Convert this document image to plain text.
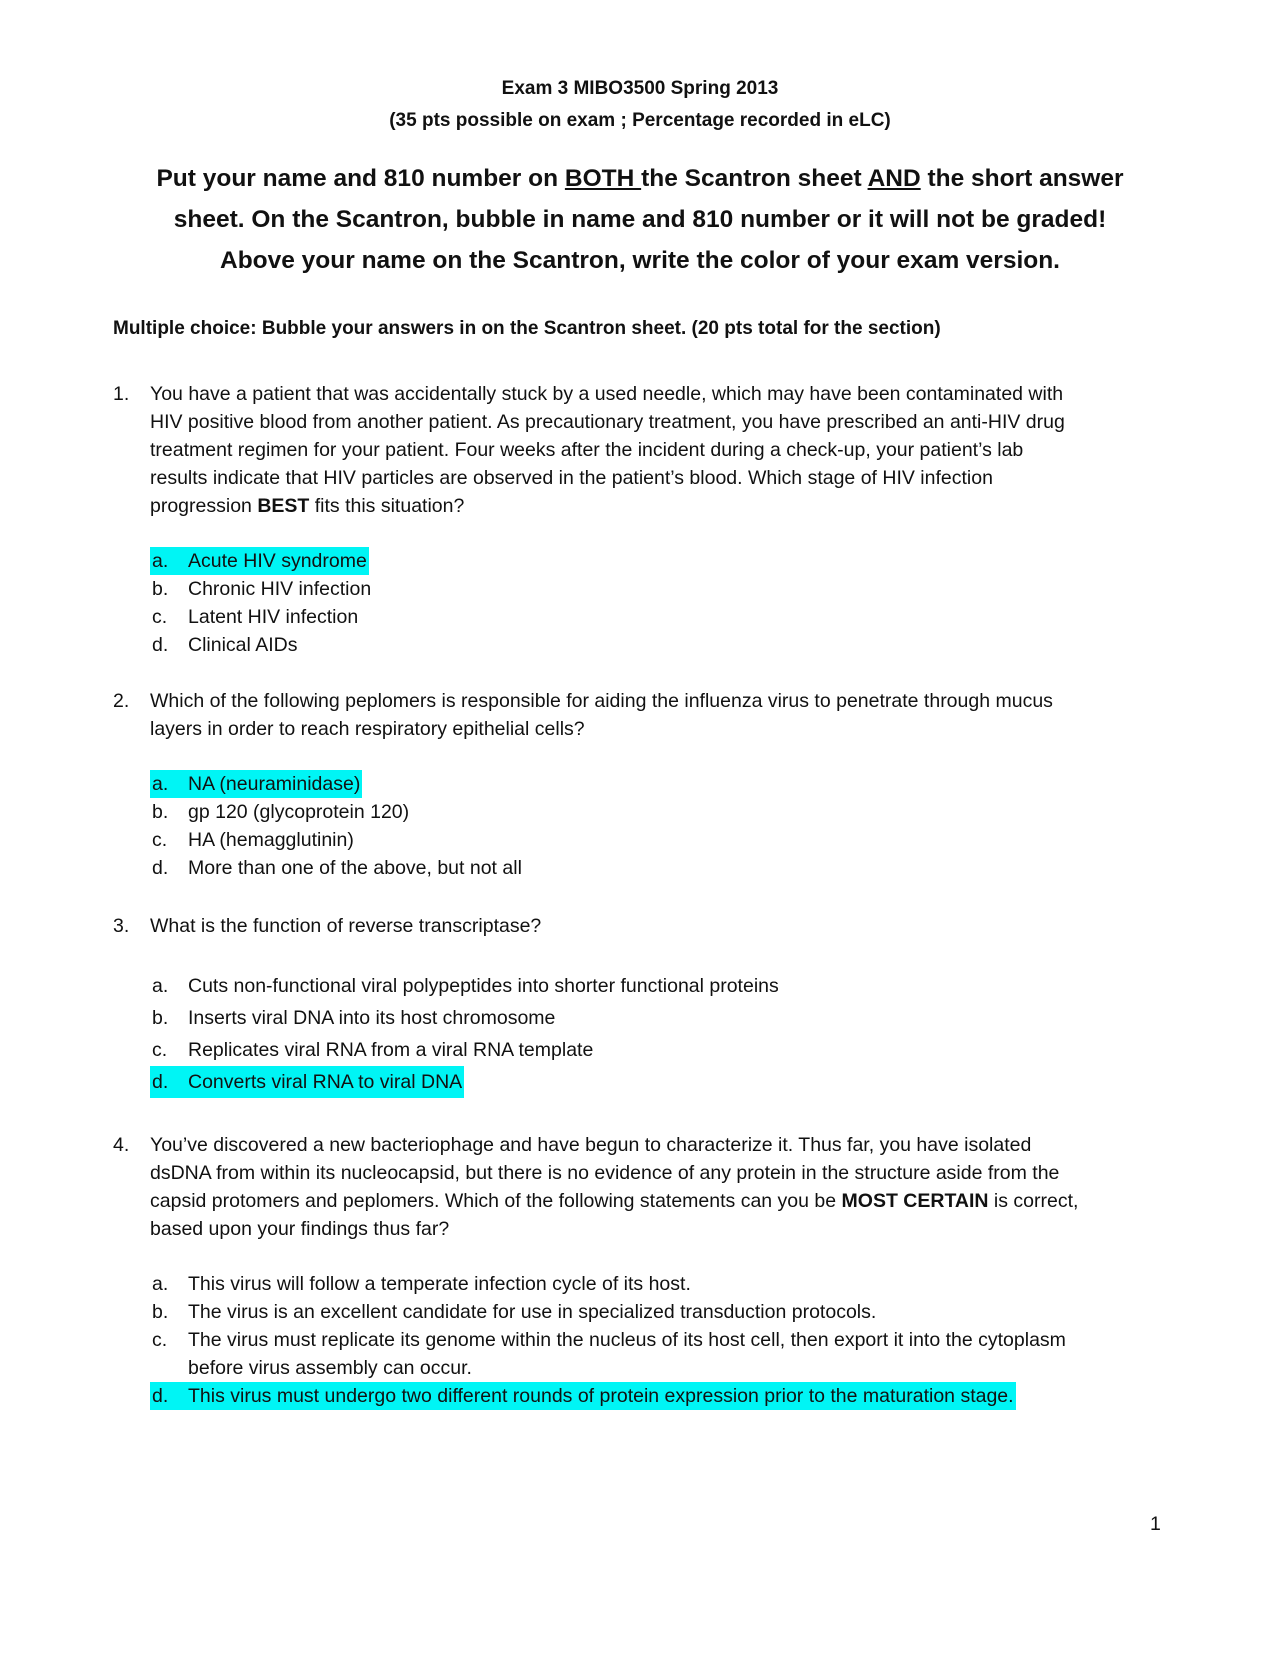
Exam 3 MIBO3500 Spring 2013
(35 pts possible on exam ; Percentage recorded in eLC)
Put your name and 810 number on BOTH the Scantron sheet AND the short answer
sheet. On the Scantron, bubble in name and 810 number or it will not be graded!
Above your name on the Scantron, write the color of your exam version.
Multiple choice: Bubble your answers in on the Scantron sheet. (20 pts total for the section)
1.	You have a patient that was accidentally stuck by a used needle, which may have been contaminated with
HIV positive blood from another patient. As precautionary treatment, you have prescribed an anti-HIV drug
treatment regimen for your patient. Four weeks after the incident during a check-up, your patient’s lab
results indicate that HIV particles are observed in the patient’s blood. Which stage of HIV infection
progression BEST fits this situation?
a. Acute HIV syndrome
b. Chronic HIV infection
c. Latent HIV infection
d. Clinical AIDs
2.	Which of the following peplomers is responsible for aiding the influenza virus to penetrate through mucus
layers in order to reach respiratory epithelial cells?
a. NA (neuraminidase)
b. gp 120 (glycoprotein 120)
c. HA (hemagglutinin)
d. More than one of the above, but not all
3.	What is the function of reverse transcriptase?
a. Cuts non-functional viral polypeptides into shorter functional proteins
b. Inserts viral DNA into its host chromosome
c. Replicates viral RNA from a viral RNA template
d. Converts viral RNA to viral DNA
4.	You’ve discovered a new bacteriophage and have begun to characterize it. Thus far, you have isolated
dsDNA from within its nucleocapsid, but there is no evidence of any protein in the structure aside from the
capsid protomers and peplomers. Which of the following statements can you be MOST CERTAIN is correct,
based upon your findings thus far?
a. This virus will follow a temperate infection cycle of its host.
b. The virus is an excellent candidate for use in specialized transduction protocols.
c. The virus must replicate its genome within the nucleus of its host cell, then export it into the cytoplasm
before virus assembly can occur.
d. This virus must undergo two different rounds of protein expression prior to the maturation stage.
1
